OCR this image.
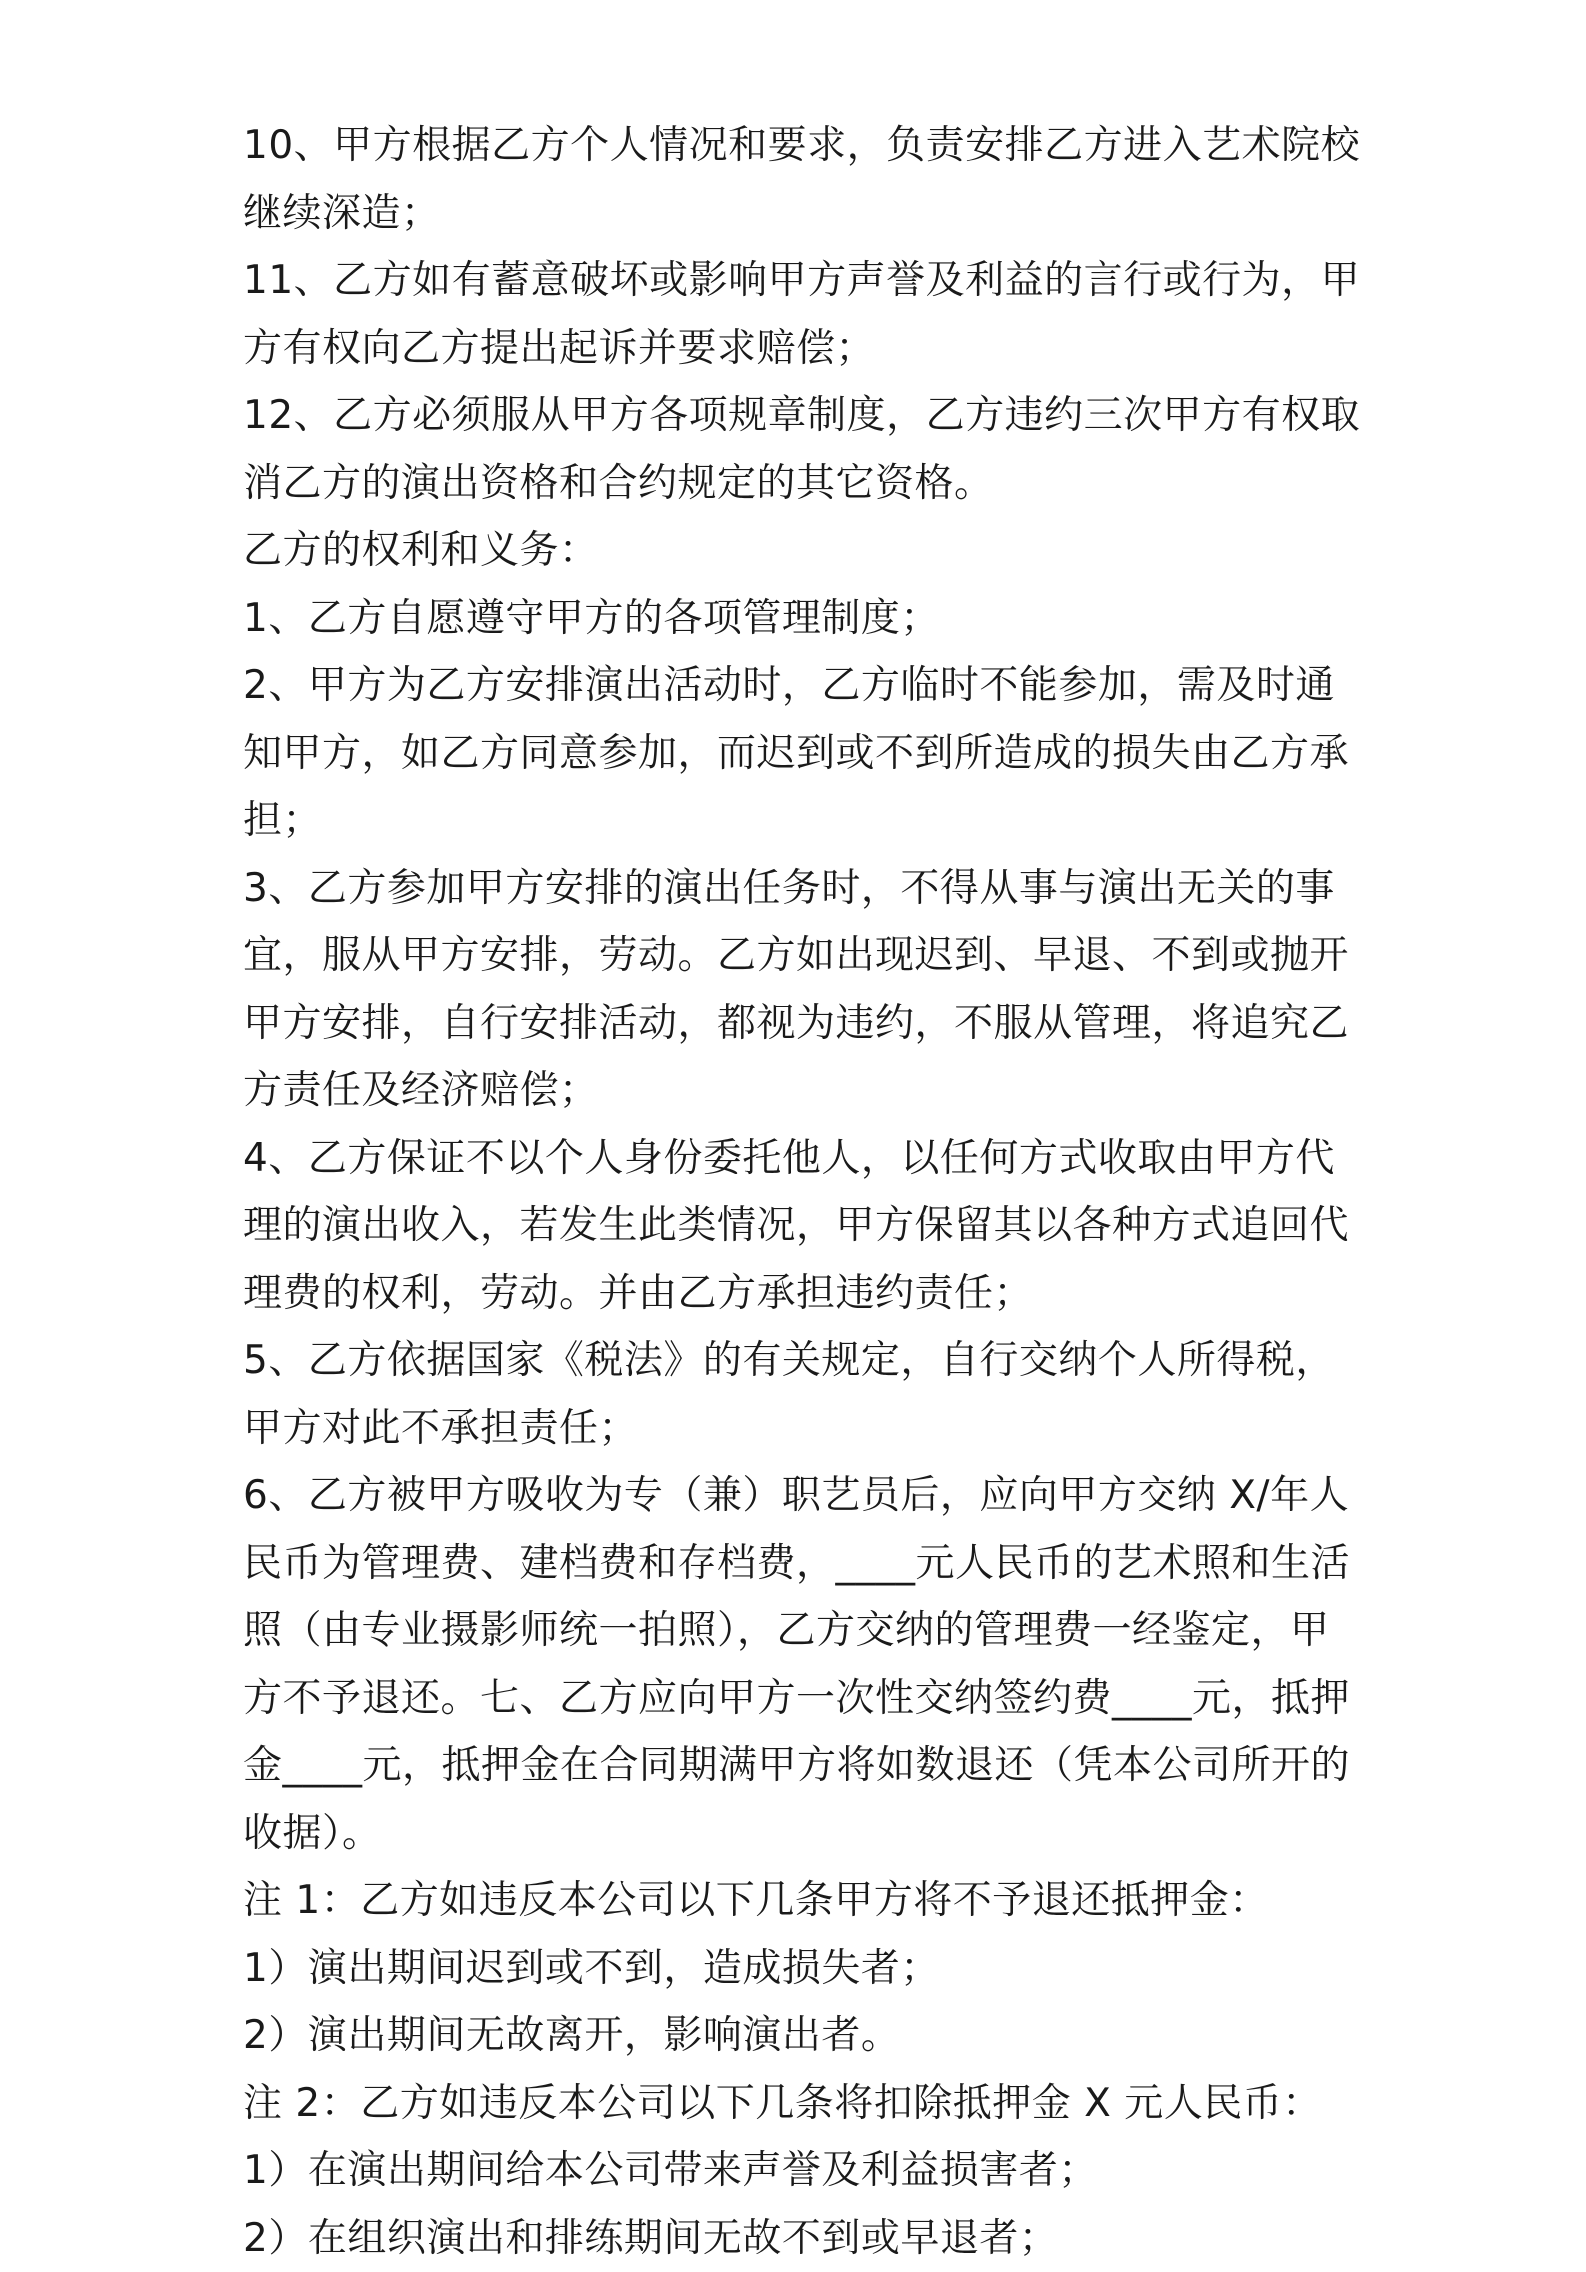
10、甲方根据乙方个人情况和要求，负责安排乙方进入艺术院校继续深造；

11、乙方如有蓄意破坏或影响甲方声誉及利益的言行或行为，甲方有权向乙方提出起诉并要求赔偿；

12、乙方必须服从甲方各项规章制度，乙方违约三次甲方有权取消乙方的演出资格和合约规定的其它资格。

乙方的权利和义务：

1、乙方自愿遵守甲方的各项管理制度；

2、甲方为乙方安排演出活动时，乙方临时不能参加，需及时通知甲方，如乙方同意参加，而迟到或不到所造成的损失由乙方承担；

3、乙方参加甲方安排的演出任务时，不得从事与演出无关的事宜，服从甲方安排，劳动。乙方如出现迟到、早退、不到或抛开甲方安排，自行安排活动，都视为违约，不服从管理，将追究乙方责任及经济赔偿；

4、乙方保证不以个人身份委托他人，以任何方式收取由甲方代理的演出收入，若发生此类情况，甲方保留其以各种方式追回代理费的权利，劳动。并由乙方承担违约责任；

5、乙方依据国家《税法》的有关规定，自行交纳个人所得税，甲方对此不承担责任；

6、乙方被甲方吸收为专（兼）职艺员后，应向甲方交纳 X/年人民币为管理费、建档费和存档费，____元人民币的艺术照和生活照（由专业摄影师统一拍照），乙方交纳的管理费一经鉴定，甲方不予退还。七、乙方应向甲方一次性交纳签约费____元，抵押金____元，抵押金在合同期满甲方将如数退还（凭本公司所开的收据）。

注 1：乙方如违反本公司以下几条甲方将不予退还抵押金：

1）演出期间迟到或不到，造成损失者；

2）演出期间无故离开，影响演出者。

注 2：乙方如违反本公司以下几条将扣除抵押金 X 元人民币：

1）在演出期间给本公司带来声誉及利益损害者；

2）在组织演出和排练期间无故不到或早退者；
